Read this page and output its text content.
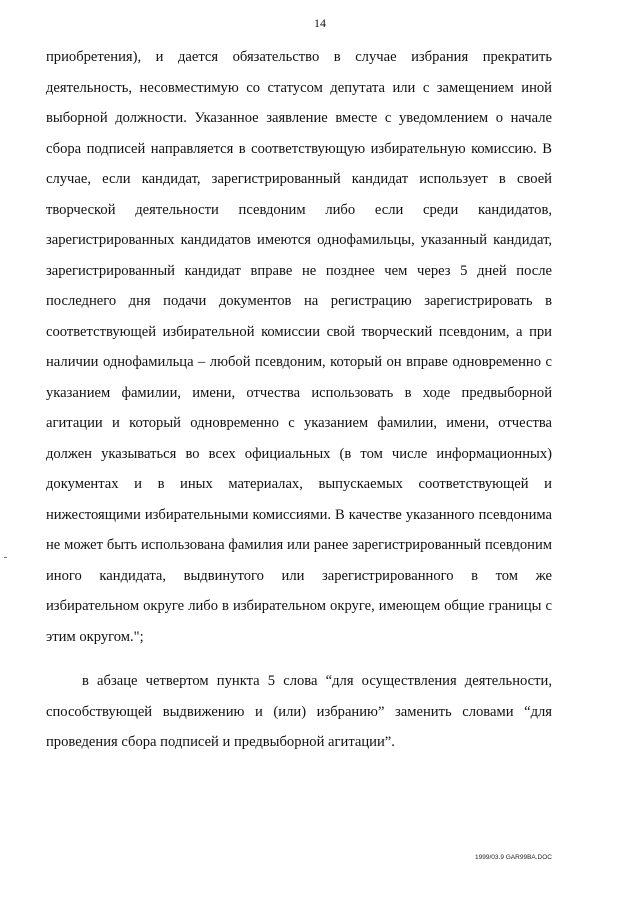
14
приобретения), и дается обязательство в случае избрания прекратить
деятельность, несовместимую со статусом депутата или с замещением иной
выборной должности. Указанное заявление вместе с уведомлением о начале
сбора подписей направляется в соответствующую избирательную комиссию. В
случае, если кандидат, зарегистрированный кандидат использует в своей
творческой деятельности псевдоним либо если среди кандидатов,
зарегистрированных кандидатов имеются однофамильцы, указанный кандидат,
зарегистрированный кандидат вправе не позднее чем через 5 дней после
последнего дня подачи документов на регистрацию зарегистрировать в
соответствующей избирательной комиссии свой творческий псевдоним, а при
наличии однофамильца – любой псевдоним, который он вправе одновременно с
указанием фамилии, имени, отчества использовать в ходе предвыборной
агитации и который одновременно с указанием фамилии, имени, отчества
должен указываться во всех официальных (в том числе информационных)
документах и в иных материалах, выпускаемых соответствующей и
нижестоящими избирательными комиссиями. В качестве указанного псевдонима
не может быть использована фамилия или ранее зарегистрированный псевдоним
иного кандидата, выдвинутого или зарегистрированного в том же
избирательном округе либо в избирательном округе, имеющем общие границы с
этим округом.";
в абзаце четвертом пункта 5 слова “для осуществления деятельности,
способствующей выдвижению и (или) избранию” заменить словами “для
проведения сбора подписей и предвыборной агитации”.
1999/03.9 GAR99BA.DOC
